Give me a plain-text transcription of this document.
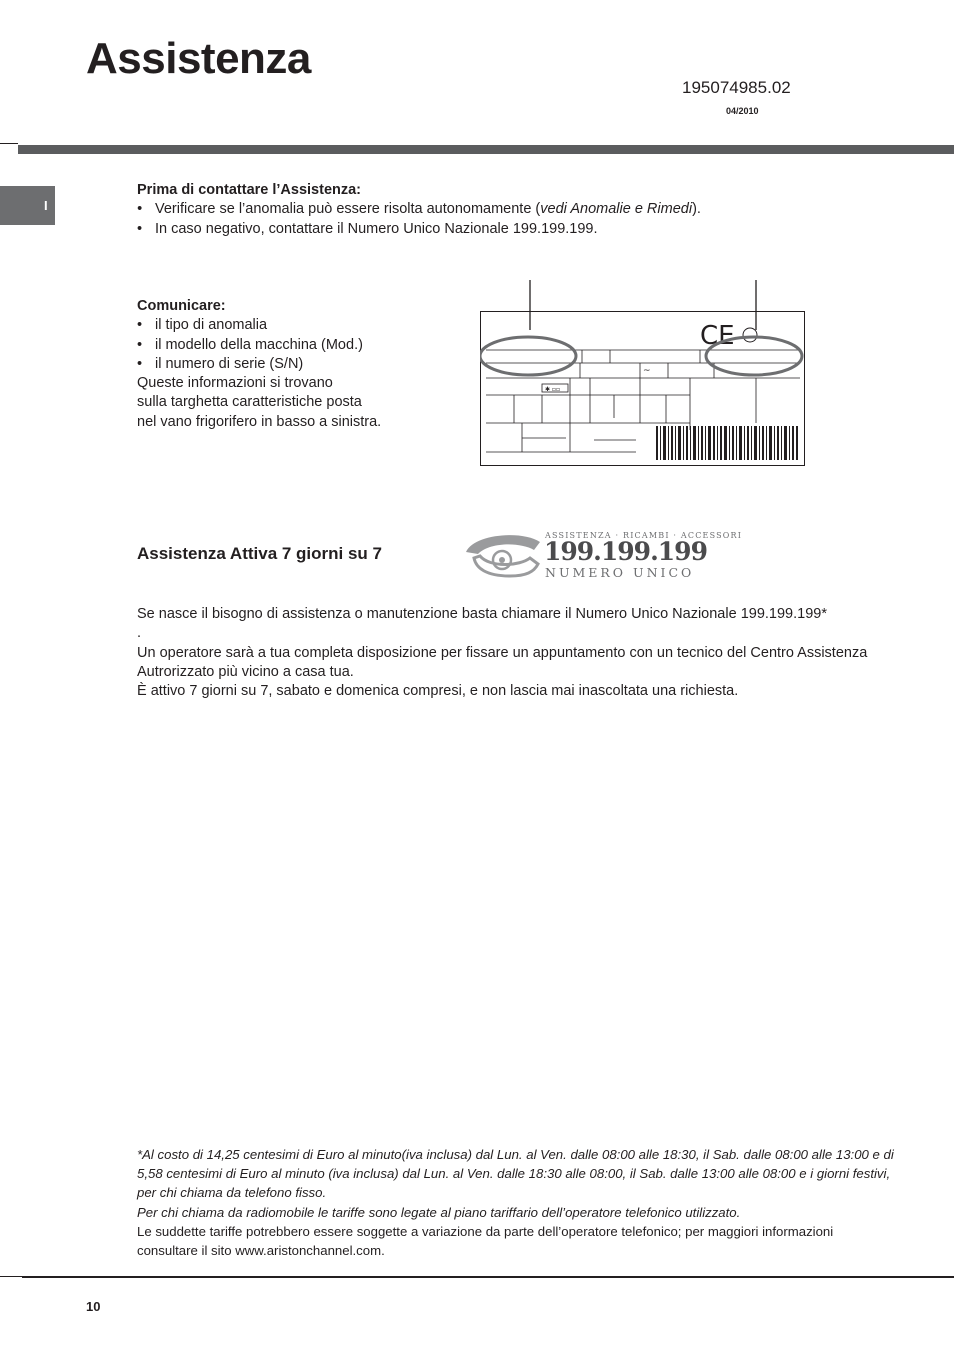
Assistenza
195074985.02
04/2010
I
Prima di contattare l’Assistenza:
• Verificare se l’anomalia può essere risolta autonomamente (vedi Anomalie e Rimedi).
• In caso negativo, contattare il Numero Unico Nazionale 199.199.199.
Comunicare:
• il tipo di anomalia
• il modello della macchina (Mod.)
• il numero di serie (S/N)
Queste informazioni si trovano
sulla targhetta caratteristiche posta
nel vano frigorifero in basso a sinistra.
✱ ▫▫
~
CE
Assistenza Attiva 7 giorni su 7
ASSISTENZA · RICAMBI · ACCESSORI
199.199.199
NUMERO UNICO
Se nasce il bisogno di assistenza o manutenzione basta chiamare il Numero Unico Nazionale 199.199.199*
.
Un operatore sarà a tua completa disposizione per fissare un appuntamento con un tecnico del Centro Assistenza Autrorizzato più vicino a casa tua.
È attivo 7 giorni su 7, sabato e domenica compresi, e non lascia mai inascoltata una richiesta.
*Al costo di 14,25 centesimi di Euro al minuto(iva inclusa) dal Lun. al Ven. dalle 08:00 alle 18:30, il Sab. dalle 08:00 alle 13:00 e di 5,58 centesimi di Euro al minuto (iva inclusa) dal Lun. al Ven. dalle 18:30 alle 08:00, il Sab. dalle 13:00 alle 08:00 e i giorni festivi, per chi chiama da telefono fisso.
Per chi chiama da radiomobile le tariffe sono legate al piano tariffario dell’operatore telefonico utilizzato.
Le suddette tariffe potrebbero essere soggette a variazione da parte dell’operatore telefonico; per maggiori informazioni consultare il sito www.aristonchannel.com.
10
